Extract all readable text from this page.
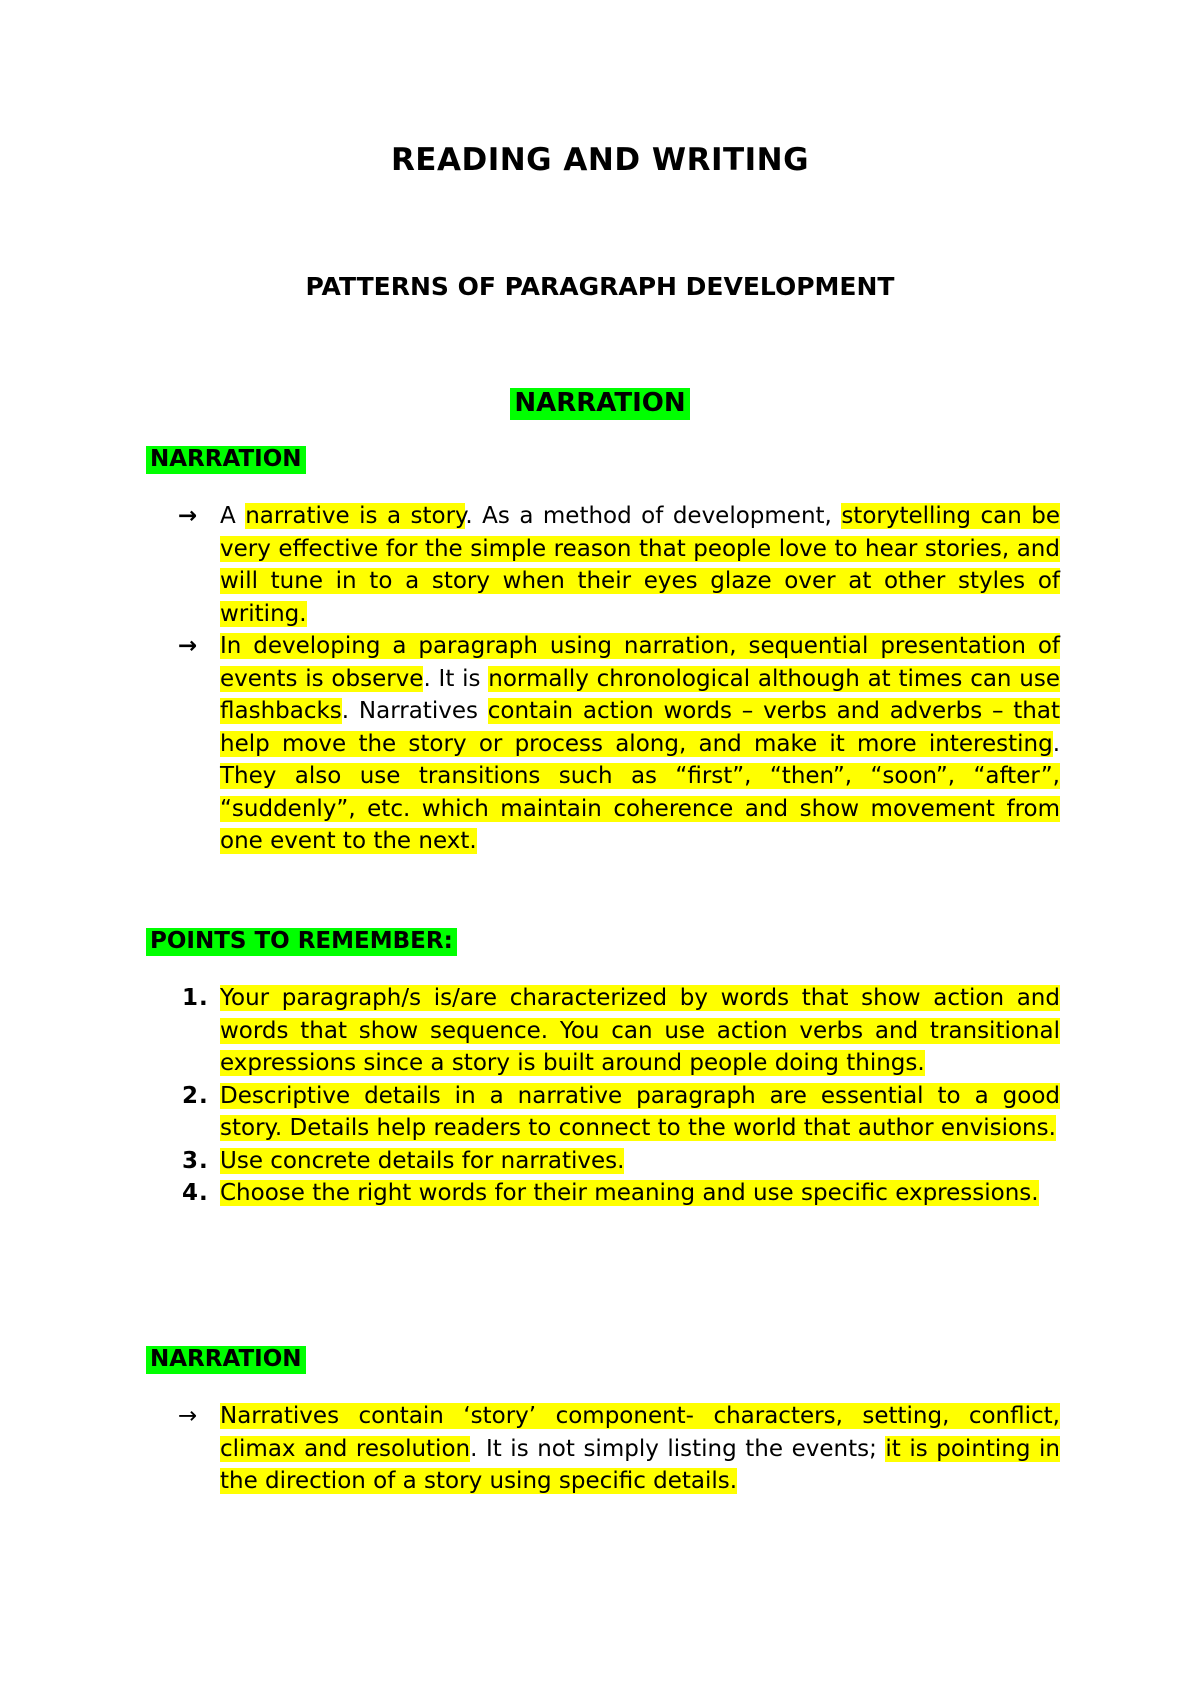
READING AND WRITING
PATTERNS OF PARAGRAPH DEVELOPMENT
NARRATION
NARRATION
→ A narrative is a story. As a method of development, storytelling can be very effective for the simple reason that people love to hear stories, and will tune in to a story when their eyes glaze over at other styles of writing.
→ In developing a paragraph using narration, sequential presentation of events is observe. It is normally chronological although at times can use flashbacks. Narratives contain action words – verbs and adverbs – that help move the story or process along, and make it more interesting. They also use transitions such as “first”, “then”, “soon”, “after”, “suddenly”, etc. which maintain coherence and show movement from one event to the next.
POINTS TO REMEMBER:
1. Your paragraph/s is/are characterized by words that show action and words that show sequence. You can use action verbs and transitional expressions since a story is built around people doing things.
2. Descriptive details in a narrative paragraph are essential to a good story. Details help readers to connect to the world that author envisions.
3. Use concrete details for narratives.
4. Choose the right words for their meaning and use specific expressions.
NARRATION
→ Narratives contain ‘story’ component- characters, setting, conflict, climax and resolution. It is not simply listing the events; it is pointing in the direction of a story using specific details.
